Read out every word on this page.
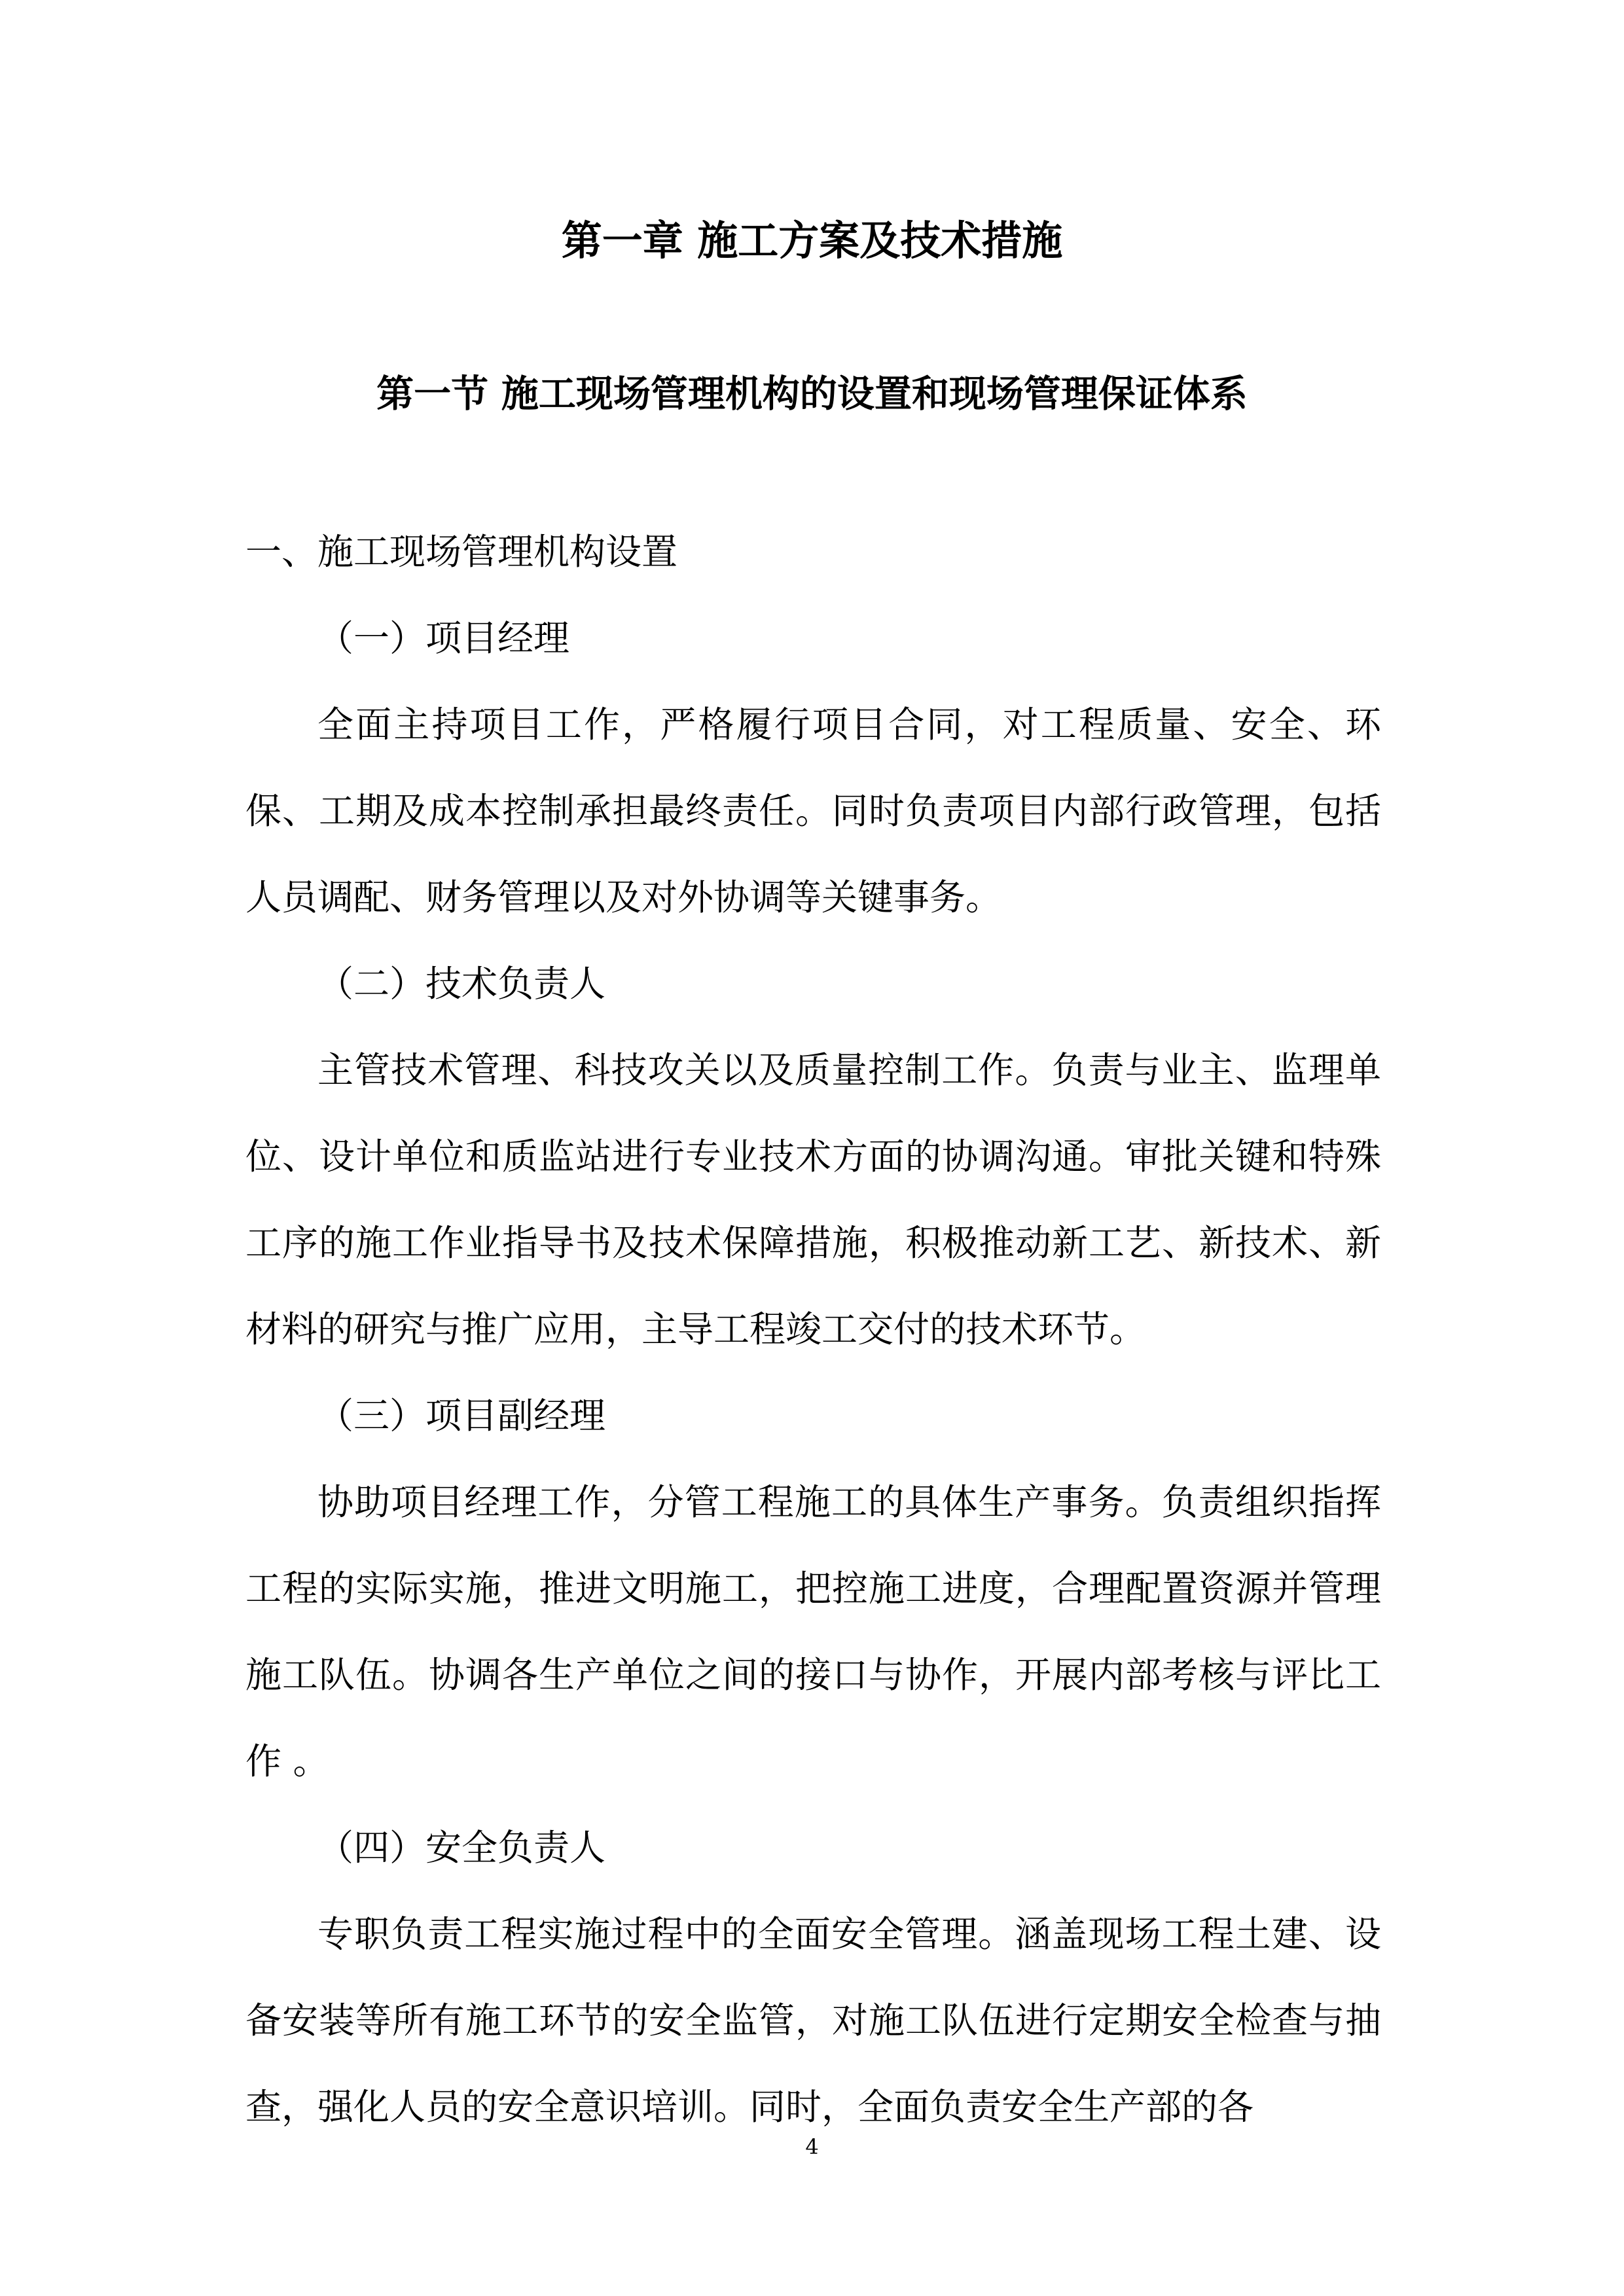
第一章 施工方案及技术措施
第一节 施工现场管理机构的设置和现场管理保证体系

一、施工现场管理机构设置

（一）项目经理

全面主持项目工作，严格履行项目合同，对工程质量、安全、环保、工期及成本控制承担最终责任。同时负责项目内部行政管理，包括人员调配、财务管理以及对外协调等关键事务。

（二）技术负责人

主管技术管理、科技攻关以及质量控制工作。负责与业主、监理单位、设计单位和质监站进行专业技术方面的协调沟通。审批关键和特殊工序的施工作业指导书及技术保障措施，积极推动新工艺、新技术、新材料的研究与推广应用，主导工程竣工交付的技术环节。

（三）项目副经理

协助项目经理工作，分管工程施工的具体生产事务。负责组织指挥工程的实际实施，推进文明施工，把控施工进度，合理配置资源并管理施工队伍。协调各生产单位之间的接口与协作，开展内部考核与评比工作 。

（四）安全负责人

专职负责工程实施过程中的全面安全管理。涵盖现场工程土建、设备安装等所有施工环节的安全监管，对施工队伍进行定期安全检查与抽查，强化人员的安全意识培训。同时，全面负责安全生产部的各

4
